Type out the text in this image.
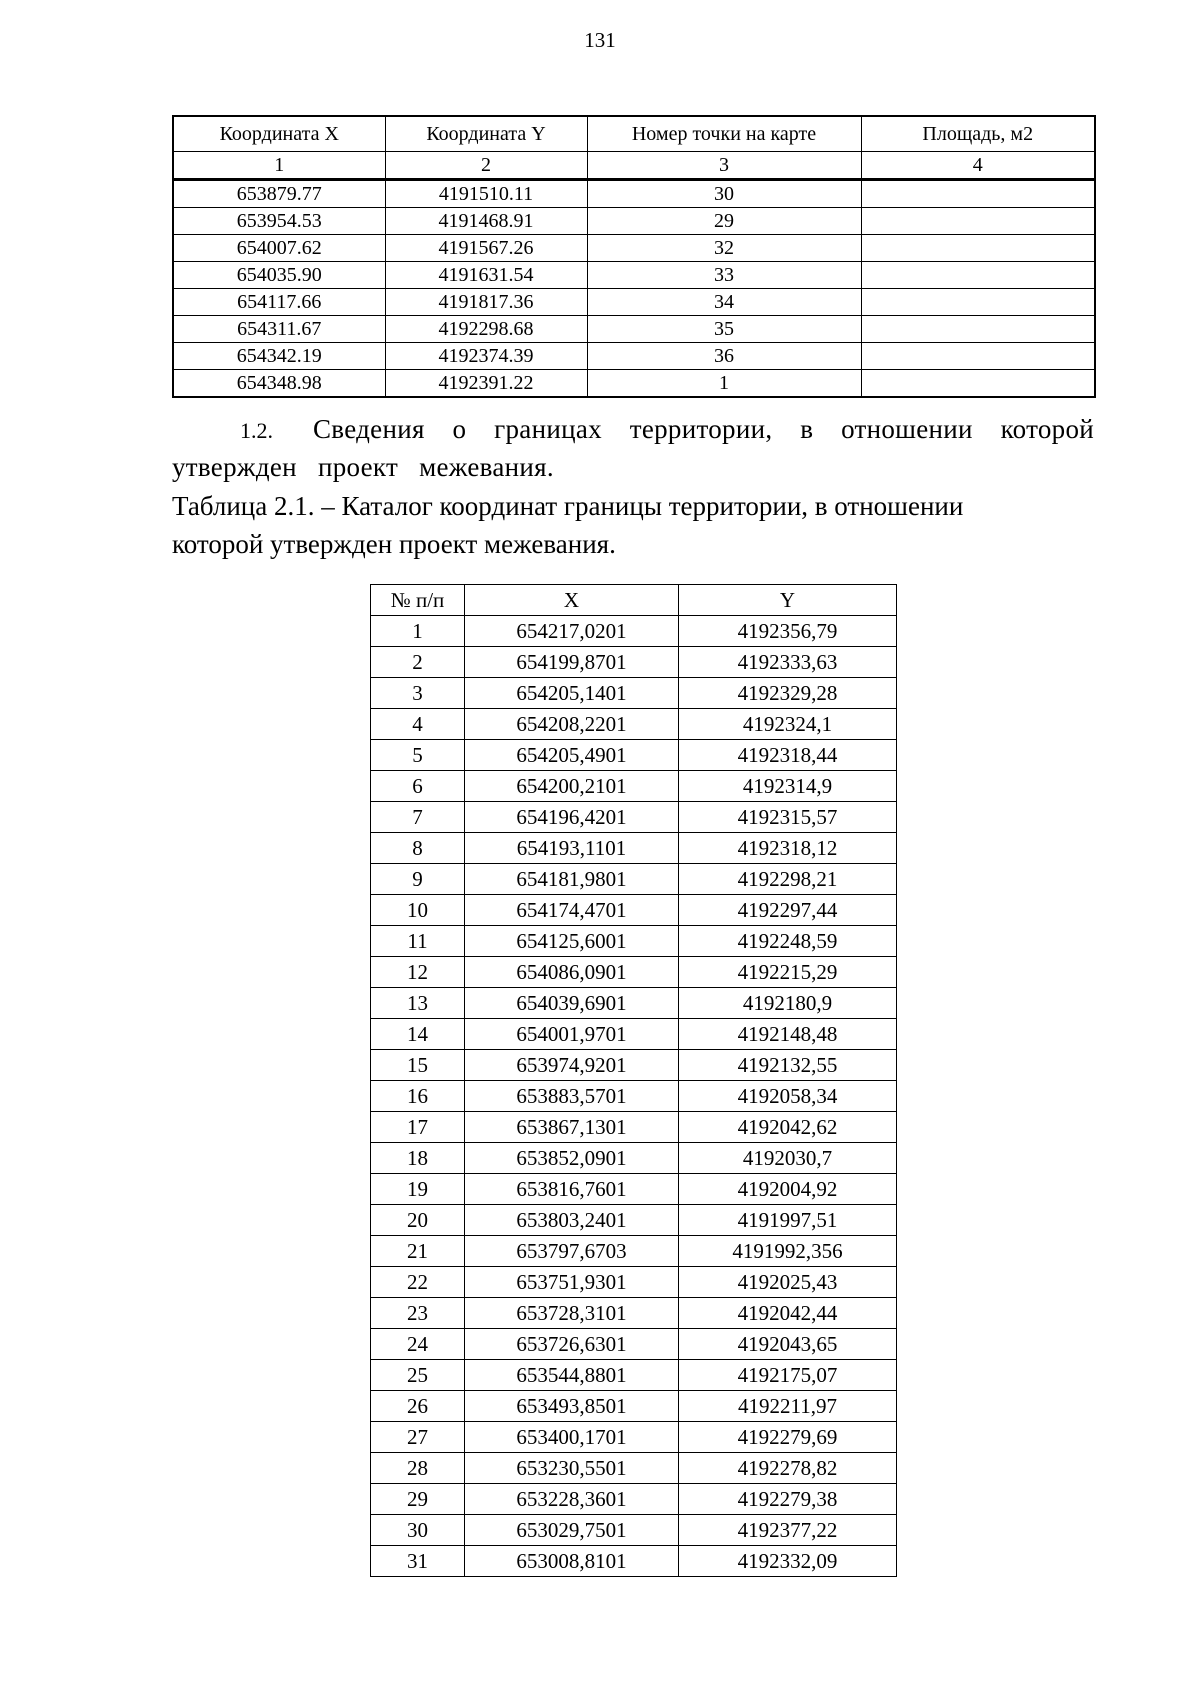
131
Координата X	Координата Y	Номер точки на карте	Площадь, м2
1	2	3	4
653879.77	4191510.11	30	
653954.53	4191468.91	29	
654007.62	4191567.26	32	
654035.90	4191631.54	33	
654117.66	4191817.36	34	
654311.67	4192298.68	35	
654342.19	4192374.39	36	
654348.98	4192391.22	1	
1.2. Сведения о границах территории, в отношении которой утвержден проект межевания.
Таблица 2.1. – Каталог координат границы территории, в отношении которой утвержден проект межевания.
№ п/п	X	Y
1	654217,0201	4192356,79
2	654199,8701	4192333,63
3	654205,1401	4192329,28
4	654208,2201	4192324,1
5	654205,4901	4192318,44
6	654200,2101	4192314,9
7	654196,4201	4192315,57
8	654193,1101	4192318,12
9	654181,9801	4192298,21
10	654174,4701	4192297,44
11	654125,6001	4192248,59
12	654086,0901	4192215,29
13	654039,6901	4192180,9
14	654001,9701	4192148,48
15	653974,9201	4192132,55
16	653883,5701	4192058,34
17	653867,1301	4192042,62
18	653852,0901	4192030,7
19	653816,7601	4192004,92
20	653803,2401	4191997,51
21	653797,6703	4191992,356
22	653751,9301	4192025,43
23	653728,3101	4192042,44
24	653726,6301	4192043,65
25	653544,8801	4192175,07
26	653493,8501	4192211,97
27	653400,1701	4192279,69
28	653230,5501	4192278,82
29	653228,3601	4192279,38
30	653029,7501	4192377,22
31	653008,8101	4192332,09
